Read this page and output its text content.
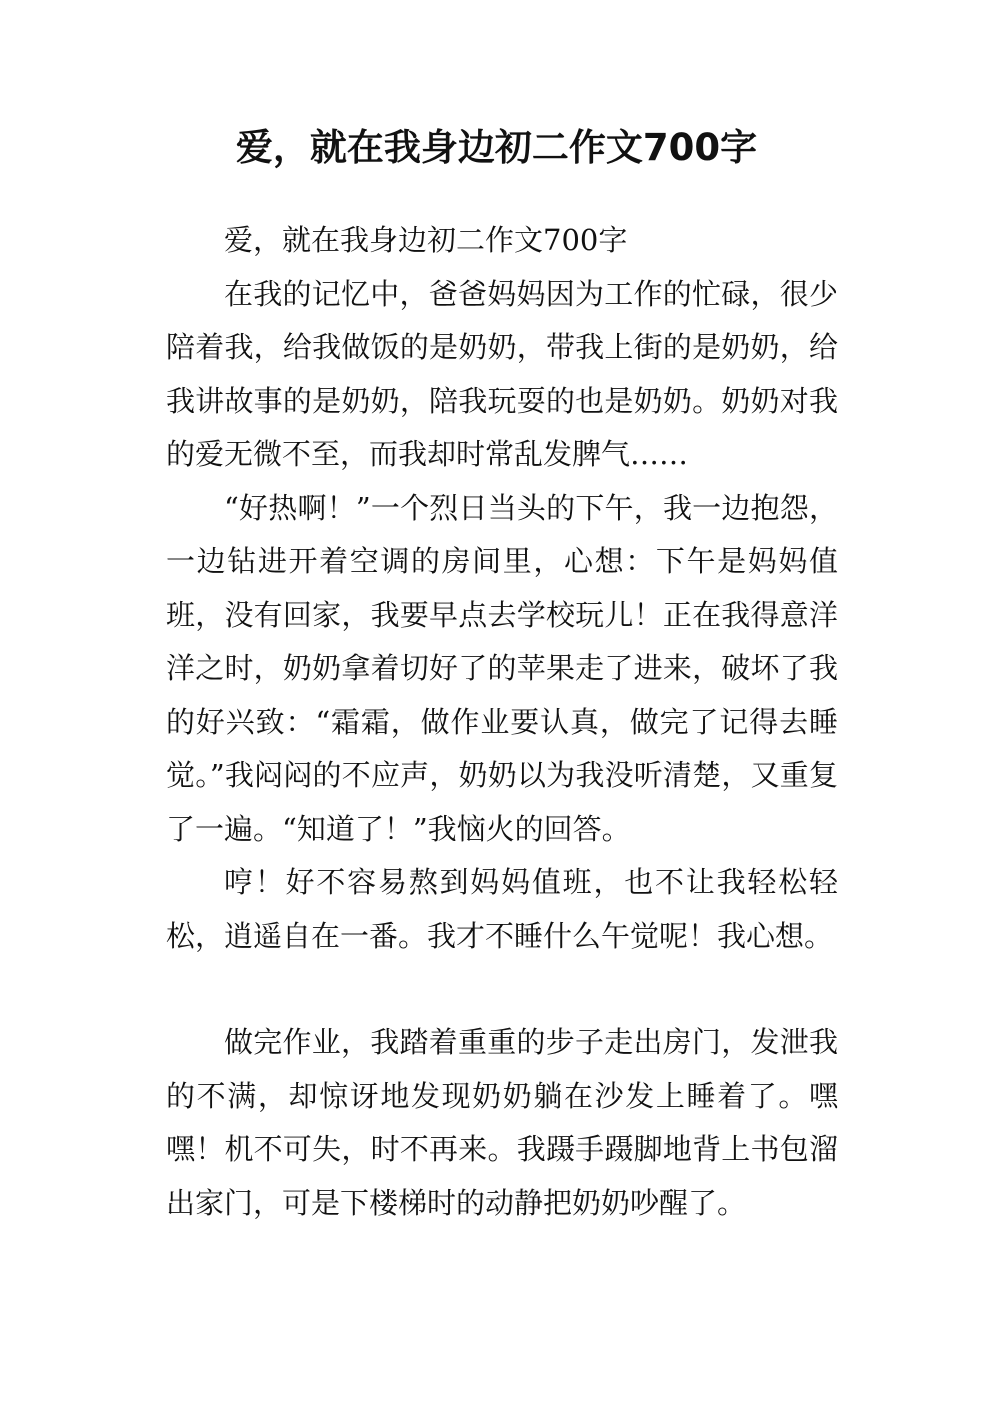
爱，就在我身边初二作文700字

爱，就在我身边初二作文700字

在我的记忆中，爸爸妈妈因为工作的忙碌，很少陪着我，给我做饭的是奶奶，带我上街的是奶奶，给我讲故事的是奶奶，陪我玩耍的也是奶奶。奶奶对我的爱无微不至，而我却时常乱发脾气……

“好热啊！”一个烈日当头的下午，我一边抱怨，一边钻进开着空调的房间里，心想：下午是妈妈值班，没有回家，我要早点去学校玩儿！正在我得意洋洋之时，奶奶拿着切好了的苹果走了进来，破坏了我的好兴致：“霜霜，做作业要认真，做完了记得去睡觉。”我闷闷的不应声，奶奶以为我没听清楚，又重复了一遍。“知道了！”我恼火的回答。

哼！好不容易熬到妈妈值班，也不让我轻松轻松，逍遥自在一番。我才不睡什么午觉呢！我心想。

做完作业，我踏着重重的步子走出房门，发泄我的不满，却惊讶地发现奶奶躺在沙发上睡着了。嘿嘿！机不可失，时不再来。我蹑手蹑脚地背上书包溜出家门，可是下楼梯时的动静把奶奶吵醒了。
